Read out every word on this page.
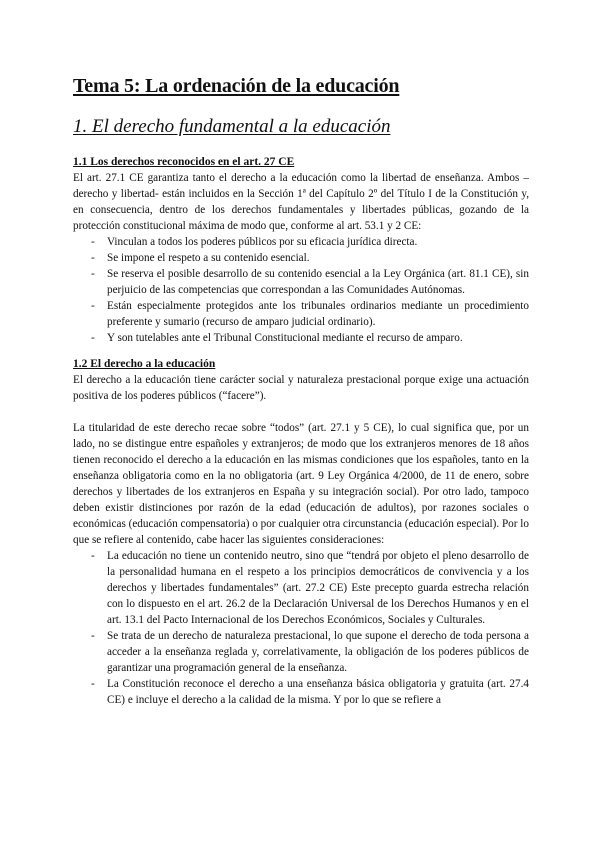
Tema 5: La ordenación de la educación
1. El derecho fundamental a la educación
1.1 Los derechos reconocidos en el art. 27 CE

El art. 27.1 CE garantiza tanto el derecho a la educación como la libertad de enseñanza. Ambos –derecho y libertad- están incluidos en la Sección 1ª del Capítulo 2º del Título I de la Constitución y, en consecuencia, dentro de los derechos fundamentales y libertades públicas, gozando de la protección constitucional máxima de modo que, conforme al art. 53.1 y 2 CE:

- Vinculan a todos los poderes públicos por su eficacia jurídica directa.
- Se impone el respeto a su contenido esencial.
- Se reserva el posible desarrollo de su contenido esencial a la Ley Orgánica (art. 81.1 CE), sin perjuicio de las competencias que correspondan a las Comunidades Autónomas.
- Están especialmente protegidos ante los tribunales ordinarios mediante un procedimiento preferente y sumario (recurso de amparo judicial ordinario).
- Y son tutelables ante el Tribunal Constitucional mediante el recurso de amparo.
1.2 El derecho a la educación

El derecho a la educación tiene carácter social y naturaleza prestacional porque exige una actuación positiva de los poderes públicos (“facere”).

La titularidad de este derecho recae sobre “todos” (art. 27.1 y 5 CE), lo cual significa que, por un lado, no se distingue entre españoles y extranjeros; de modo que los extranjeros menores de 18 años tienen reconocido el derecho a la educación en las mismas condiciones que los españoles, tanto en la enseñanza obligatoria como en la no obligatoria (art. 9 Ley Orgánica 4/2000, de 11 de enero, sobre derechos y libertades de los extranjeros en España y su integración social). Por otro lado, tampoco deben existir distinciones por razón de la edad (educación de adultos), por razones sociales o económicas (educación compensatoria) o por cualquier otra circunstancia (educación especial). Por lo que se refiere al contenido, cabe hacer las siguientes consideraciones:

- La educación no tiene un contenido neutro, sino que “tendrá por objeto el pleno desarrollo de la personalidad humana en el respeto a los principios democráticos de convivencia y a los derechos y libertades fundamentales” (art. 27.2 CE) Este precepto guarda estrecha relación con lo dispuesto en el art. 26.2 de la Declaración Universal de los Derechos Humanos y en el art. 13.1 del Pacto Internacional de los Derechos Económicos, Sociales y Culturales.
- Se trata de un derecho de naturaleza prestacional, lo que supone el derecho de toda persona a acceder a la enseñanza reglada y, correlativamente, la obligación de los poderes públicos de garantizar una programación general de la enseñanza.
- La Constitución reconoce el derecho a una enseñanza básica obligatoria y gratuita (art. 27.4 CE) e incluye el derecho a la calidad de la misma. Y por lo que se refiere a
